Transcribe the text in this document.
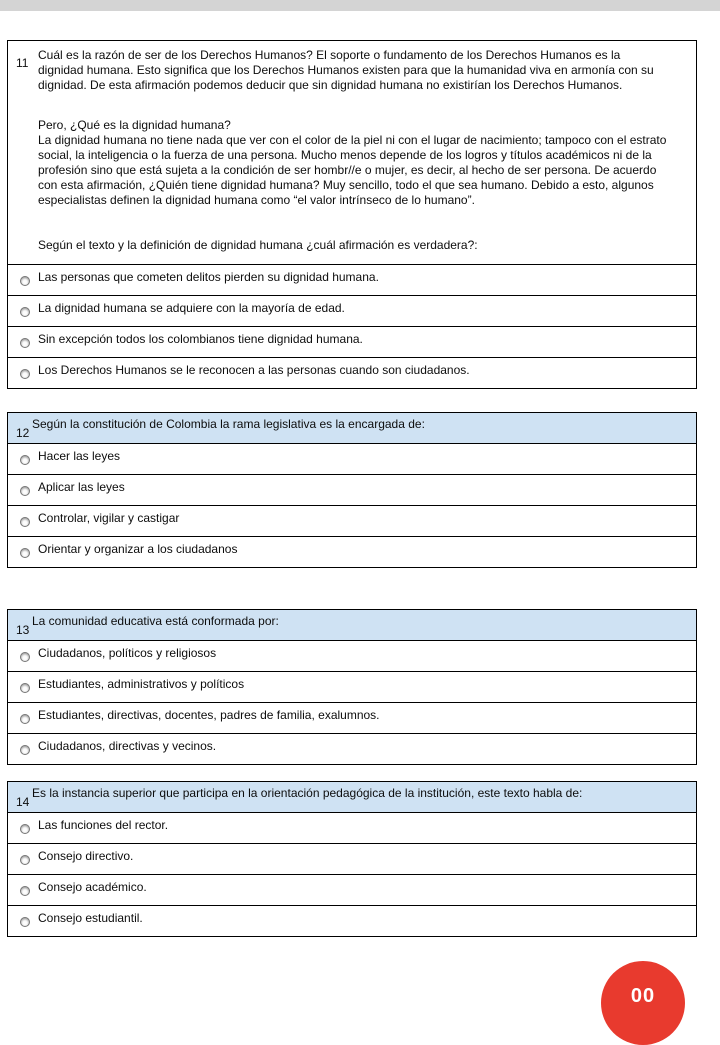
11

Cuál es la razón de ser de los Derechos Humanos? El soporte o fundamento de los Derechos Humanos es la dignidad humana. Esto significa que los Derechos Humanos existen para que la humanidad viva en armonía con su dignidad. De esta afirmación podemos deducir que sin dignidad humana no existirían los Derechos Humanos.

Pero, ¿Qué es la dignidad humana?

La dignidad humana no tiene nada que ver con el color de la piel ni con el lugar de nacimiento; tampoco con el estrato social, la inteligencia o la fuerza de una persona. Mucho menos depende de los logros y títulos académicos ni de la profesión sino que está sujeta a la condición de ser hombr//e o mujer, es decir, al hecho de ser persona. De acuerdo con esta afirmación, ¿Quién tiene dignidad humana? Muy sencillo, todo el que sea humano. Debido a esto, algunos especialistas definen la dignidad humana como “el valor intrínseco de lo humano”.

Según el texto y la definición de dignidad humana ¿cuál afirmación es verdadera?:

Las personas que cometen delitos pierden su dignidad humana.
La dignidad humana se adquiere con la mayoría de edad.
Sin excepción todos los colombianos tiene dignidad humana.
Los Derechos Humanos se le reconocen a las personas cuando son ciudadanos.
12

Según la constitución de Colombia la rama legislativa es la encargada de:

Hacer las leyes
Aplicar las leyes
Controlar, vigilar y castigar
Orientar y organizar a los ciudadanos
13

La comunidad educativa está conformada por:

Ciudadanos, políticos y religiosos
Estudiantes, administrativos y políticos
Estudiantes, directivas, docentes, padres de familia, exalumnos.
Ciudadanos, directivas y vecinos.
14

Es la instancia superior que participa en la orientación pedagógica de la institución, este texto habla de:

Las funciones del rector.
Consejo directivo.
Consejo académico.
Consejo estudiantil.
00
